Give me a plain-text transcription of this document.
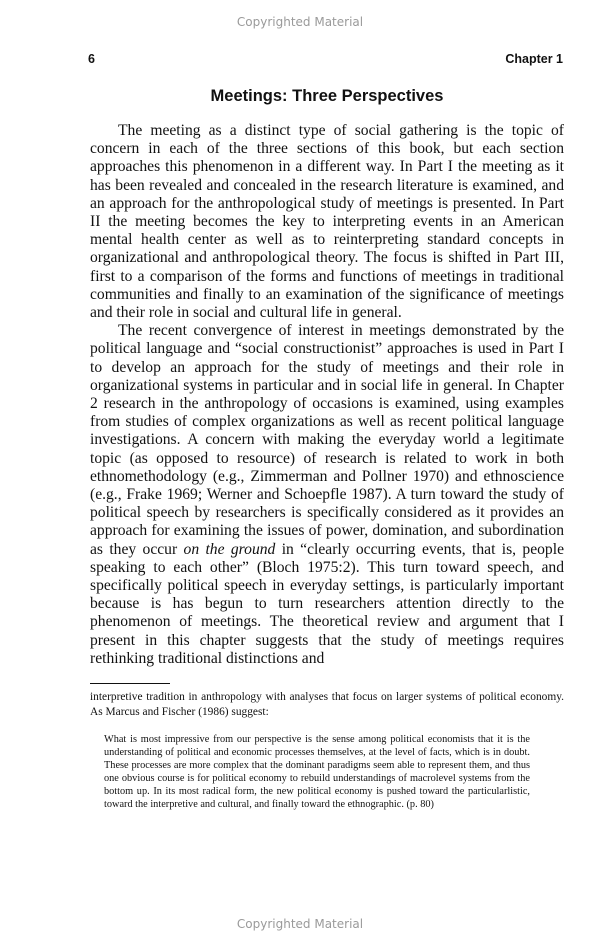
Copyrighted Material
6	Chapter 1
Meetings: Three Perspectives

The meeting as a distinct type of social gathering is the topic of concern in each of the three sections of this book, but each section approaches this phenomenon in a different way. In Part I the meeting as it has been revealed and concealed in the research literature is examined, and an approach for the anthropological study of meetings is presented. In Part II the meeting becomes the key to interpreting events in an American mental health center as well as to reinterpreting standard concepts in organizational and anthropological theory. The focus is shifted in Part III, first to a comparison of the forms and functions of meetings in traditional communities and finally to an examination of the significance of meetings and their role in social and cultural life in general.

The recent convergence of interest in meetings demonstrated by the political language and “social constructionist” approaches is used in Part I to develop an approach for the study of meetings and their role in organizational systems in particular and in social life in general. In Chapter 2 research in the anthropology of occasions is examined, using examples from studies of complex organizations as well as recent political language investigations. A concern with making the everyday world a legitimate topic (as opposed to resource) of research is related to work in both ethnomethodology (e.g., Zimmerman and Pollner 1970) and ethnoscience (e.g., Frake 1969; Werner and Schoepfle 1987). A turn toward the study of political speech by researchers is specifically considered as it provides an approach for examining the issues of power, domination, and subordination as they occur on the ground in “clearly occurring events, that is, people speaking to each other” (Bloch 1975:2). This turn toward speech, and specifically political speech in everyday settings, is particularly important because is has begun to turn researchers attention directly to the phenomenon of meetings. The theoretical review and argument that I present in this chapter suggests that the study of meetings requires rethinking traditional distinctions and

interpretive tradition in anthropology with analyses that focus on larger systems of political economy. As Marcus and Fischer (1986) suggest:

What is most impressive from our perspective is the sense among political economists that it is the understanding of political and economic processes themselves, at the level of facts, which is in doubt. These processes are more complex that the dominant paradigms seem able to represent them, and thus one obvious course is for political economy to rebuild understandings of macrolevel systems from the bottom up. In its most radical form, the new political economy is pushed toward the particularlistic, toward the interpretive and cultural, and finally toward the ethnographic. (p. 80)

Copyrighted Material
